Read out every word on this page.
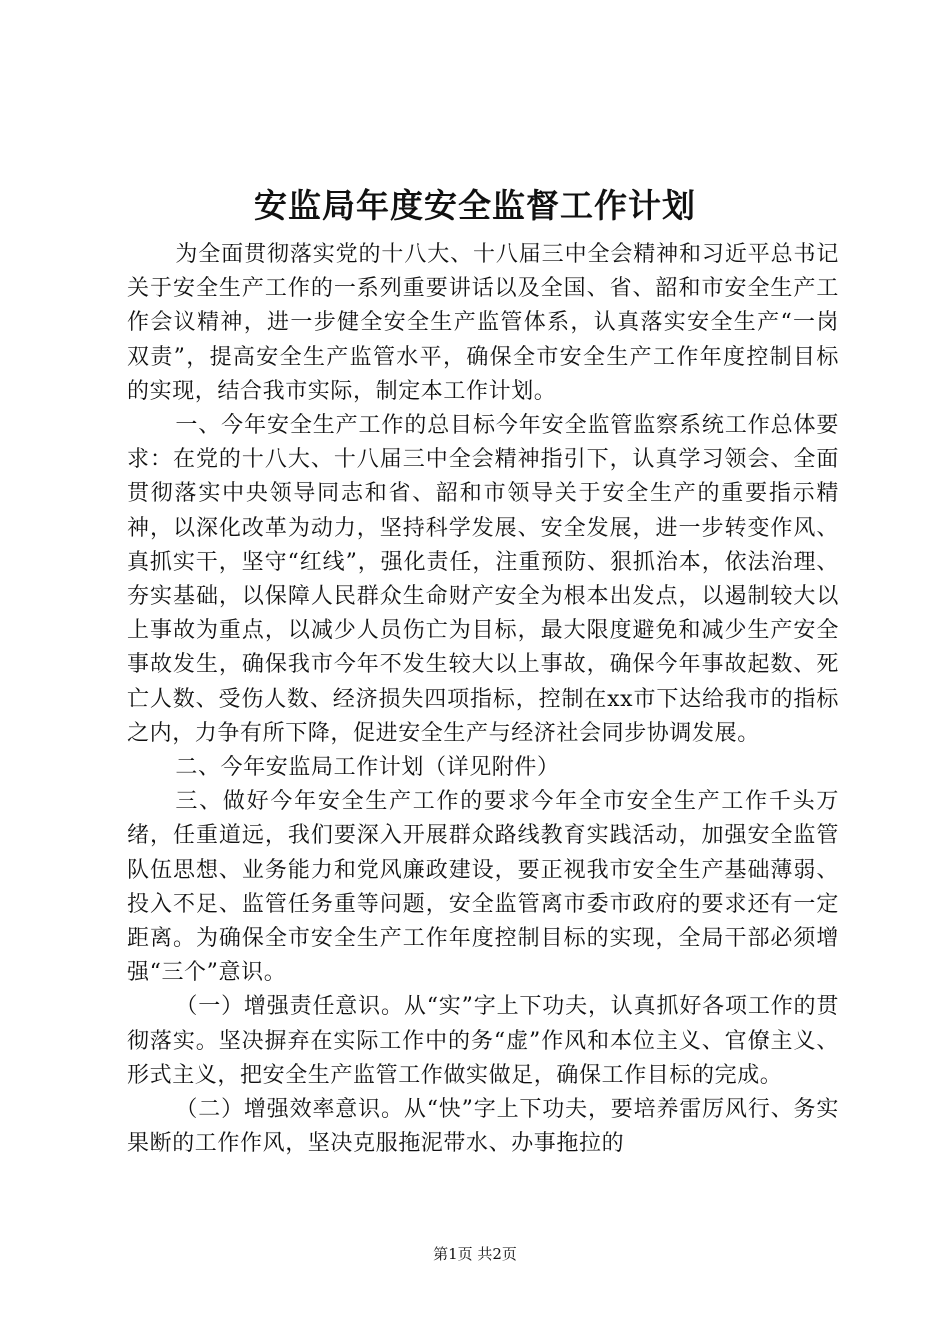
安监局年度安全监督工作计划

为全面贯彻落实党的十八大、十八届三中全会精神和习近平总书记关于安全生产工作的一系列重要讲话以及全国、省、韶和市安全生产工作会议精神，进一步健全安全生产监管体系，认真落实安全生产“一岗双责”，提高安全生产监管水平，确保全市安全生产工作年度控制目标的实现，结合我市实际，制定本工作计划。

一、今年安全生产工作的总目标今年安全监管监察系统工作总体要求：在党的十八大、十八届三中全会精神指引下，认真学习领会、全面贯彻落实中央领导同志和省、韶和市领导关于安全生产的重要指示精神，以深化改革为动力，坚持科学发展、安全发展，进一步转变作风、真抓实干，坚守“红线”，强化责任，注重预防、狠抓治本，依法治理、夯实基础，以保障人民群众生命财产安全为根本出发点，以遏制较大以上事故为重点，以减少人员伤亡为目标，最大限度避免和减少生产安全事故发生，确保我市今年不发生较大以上事故，确保今年事故起数、死亡人数、受伤人数、经济损失四项指标，控制在xx市下达给我市的指标之内，力争有所下降，促进安全生产与经济社会同步协调发展。

二、今年安监局工作计划（详见附件）

三、做好今年安全生产工作的要求今年全市安全生产工作千头万绪，任重道远，我们要深入开展群众路线教育实践活动，加强安全监管队伍思想、业务能力和党风廉政建设，要正视我市安全生产基础薄弱、投入不足、监管任务重等问题，安全监管离市委市政府的要求还有一定距离。为确保全市安全生产工作年度控制目标的实现，全局干部必须增强“三个”意识。

（一）增强责任意识。从“实”字上下功夫，认真抓好各项工作的贯彻落实。坚决摒弃在实际工作中的务“虚”作风和本位主义、官僚主义、形式主义，把安全生产监管工作做实做足，确保工作目标的完成。

（二）增强效率意识。从“快”字上下功夫，要培养雷厉风行、务实果断的工作作风，坚决克服拖泥带水、办事拖拉的

第1页 共2页
